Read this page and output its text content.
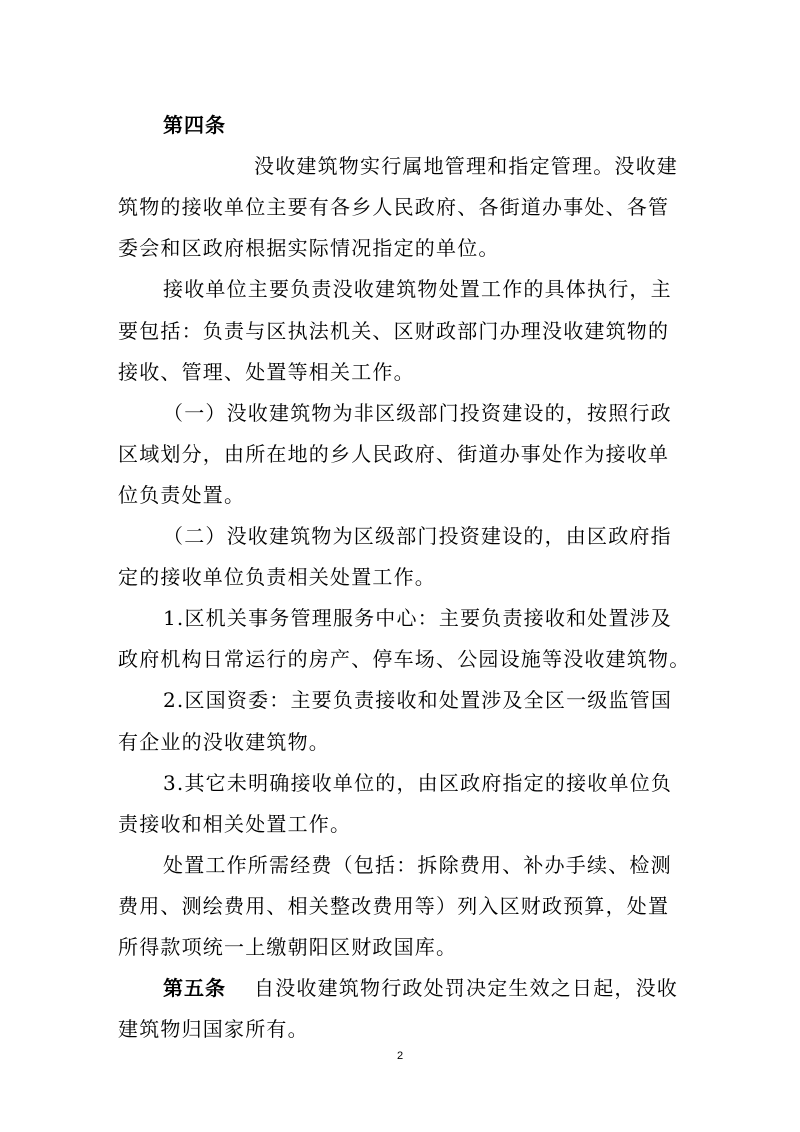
第四条
没收建筑物实行属地管理和指定管理。没收建
筑物的接收单位主要有各乡人民政府、各街道办事处、各管
委会和区政府根据实际情况指定的单位。
接收单位主要负责没收建筑物处置工作的具体执行，主
要包括：负责与区执法机关、区财政部门办理没收建筑物的
接收、管理、处置等相关工作。
（一）没收建筑物为非区级部门投资建设的，按照行政
区域划分，由所在地的乡人民政府、街道办事处作为接收单
位负责处置。
（二）没收建筑物为区级部门投资建设的，由区政府指
定的接收单位负责相关处置工作。
1.区机关事务管理服务中心：主要负责接收和处置涉及
政府机构日常运行的房产、停车场、公园设施等没收建筑物。
2.区国资委：主要负责接收和处置涉及全区一级监管国
有企业的没收建筑物。
3.其它未明确接收单位的，由区政府指定的接收单位负
责接收和相关处置工作。
处置工作所需经费（包括：拆除费用、补办手续、检测
费用、测绘费用、相关整改费用等）列入区财政预算，处置
所得款项统一上缴朝阳区财政国库。
2
第五条 自没收建筑物行政处罚决定生效之日起，没收
建筑物归国家所有。
